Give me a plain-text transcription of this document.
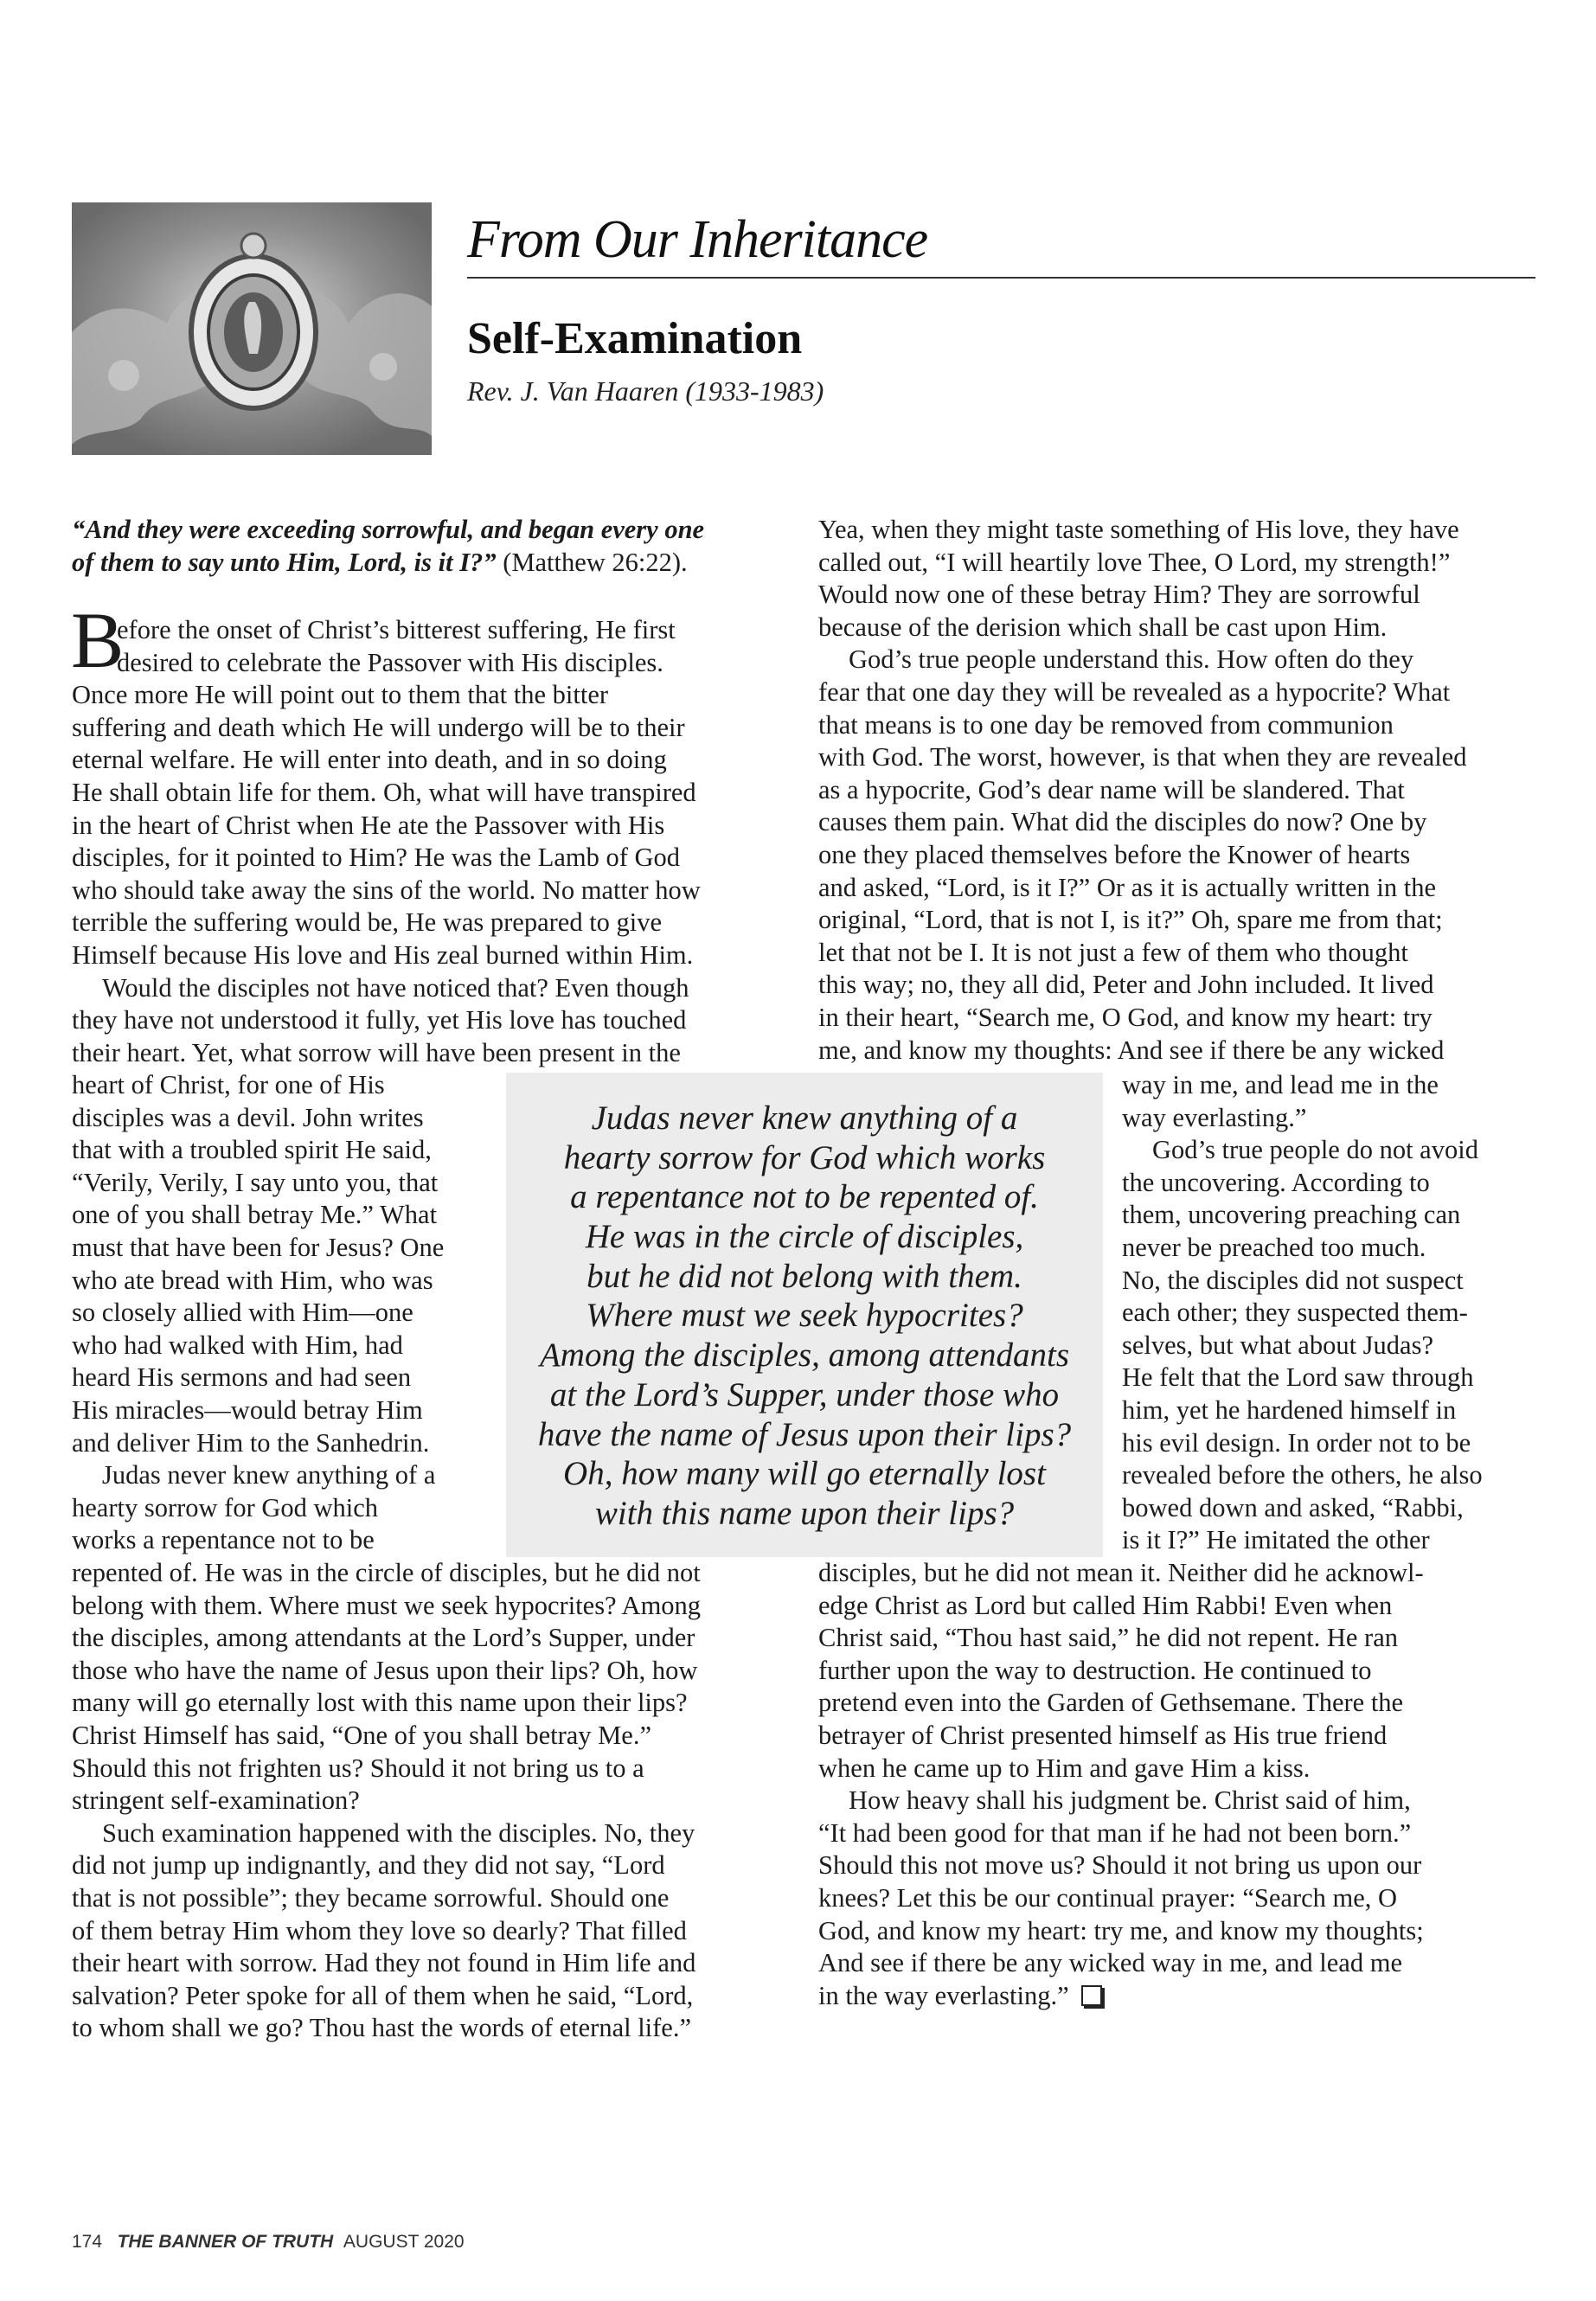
From Our Inheritance
Self-Examination
Rev. J. Van Haaren (1933-1983)
“And they were exceeding sorrowful, and began every one
of them to say unto Him, Lord, is it I?” (Matthew 26:22).
B
efore the onset of Christ’s bitterest suffering, He first
desired to celebrate the Passover with His disciples.
Once more He will point out to them that the bitter
suffering and death which He will undergo will be to their
eternal welfare. He will enter into death, and in so doing
He shall obtain life for them. Oh, what will have transpired
in the heart of Christ when He ate the Passover with His
disciples, for it pointed to Him? He was the Lamb of God
who should take away the sins of the world. No matter how
terrible the suffering would be, He was prepared to give
Himself because His love and His zeal burned within Him.
Would the disciples not have noticed that? Even though
they have not understood it fully, yet His love has touched
their heart. Yet, what sorrow will have been present in the
heart of Christ, for one of His
disciples was a devil. John writes
that with a troubled spirit He said,
“Verily, Verily, I say unto you, that
one of you shall betray Me.” What
must that have been for Jesus? One
who ate bread with Him, who was
so closely allied with Him—one
who had walked with Him, had
heard His sermons and had seen
His miracles—would betray Him
and deliver Him to the Sanhedrin.
Judas never knew anything of a
hearty sorrow for God which
works a repentance not to be
repented of. He was in the circle of disciples, but he did not
belong with them. Where must we seek hypocrites? Among
the disciples, among attendants at the Lord’s Supper, under
those who have the name of Jesus upon their lips? Oh, how
many will go eternally lost with this name upon their lips?
Christ Himself has said, “One of you shall betray Me.”
Should this not frighten us? Should it not bring us to a
stringent self-examination?
Such examination happened with the disciples. No, they
did not jump up indignantly, and they did not say, “Lord
that is not possible”; they became sorrowful. Should one
of them betray Him whom they love so dearly? That filled
their heart with sorrow. Had they not found in Him life and
salvation? Peter spoke for all of them when he said, “Lord,
to whom shall we go? Thou hast the words of eternal life.”
Yea, when they might taste something of His love, they have
called out, “I will heartily love Thee, O Lord, my strength!”
Would now one of these betray Him? They are sorrowful
because of the derision which shall be cast upon Him.
God’s true people understand this. How often do they
fear that one day they will be revealed as a hypocrite? What
that means is to one day be removed from communion
with God. The worst, however, is that when they are revealed
as a hypocrite, God’s dear name will be slandered. That
causes them pain. What did the disciples do now? One by
one they placed themselves before the Knower of hearts
and asked, “Lord, is it I?” Or as it is actually written in the
original, “Lord, that is not I, is it?” Oh, spare me from that;
let that not be I. It is not just a few of them who thought
this way; no, they all did, Peter and John included. It lived
in their heart, “Search me, O God, and know my heart: try
me, and know my thoughts: And see if there be any wicked
way in me, and lead me in the
way everlasting.”
God’s true people do not avoid
the uncovering. According to
them, uncovering preaching can
never be preached too much.
No, the disciples did not suspect
each other; they suspected them-
selves, but what about Judas?
He felt that the Lord saw through
him, yet he hardened himself in
his evil design. In order not to be
revealed before the others, he also
bowed down and asked, “Rabbi,
is it I?” He imitated the other
disciples, but he did not mean it. Neither did he acknowl-
edge Christ as Lord but called Him Rabbi! Even when
Christ said, “Thou hast said,” he did not repent. He ran
further upon the way to destruction. He continued to
pretend even into the Garden of Gethsemane. There the
betrayer of Christ presented himself as His true friend
when he came up to Him and gave Him a kiss.
How heavy shall his judgment be. Christ said of him,
“It had been good for that man if he had not been born.”
Should this not move us? Should it not bring us upon our
knees? Let this be our continual prayer: “Search me, O
God, and know my heart: try me, and know my thoughts;
And see if there be any wicked way in me, and lead me
in the way everlasting.”
Judas never knew anything of a
hearty sorrow for God which works
a repentance not to be repented of.
He was in the circle of disciples,
but he did not belong with them.
Where must we seek hypocrites?
Among the disciples, among attendants
at the Lord’s Supper, under those who
have the name of Jesus upon their lips?
Oh, how many will go eternally lost
with this name upon their lips?
174 THE BANNER OF TRUTH AUGUST 2020
